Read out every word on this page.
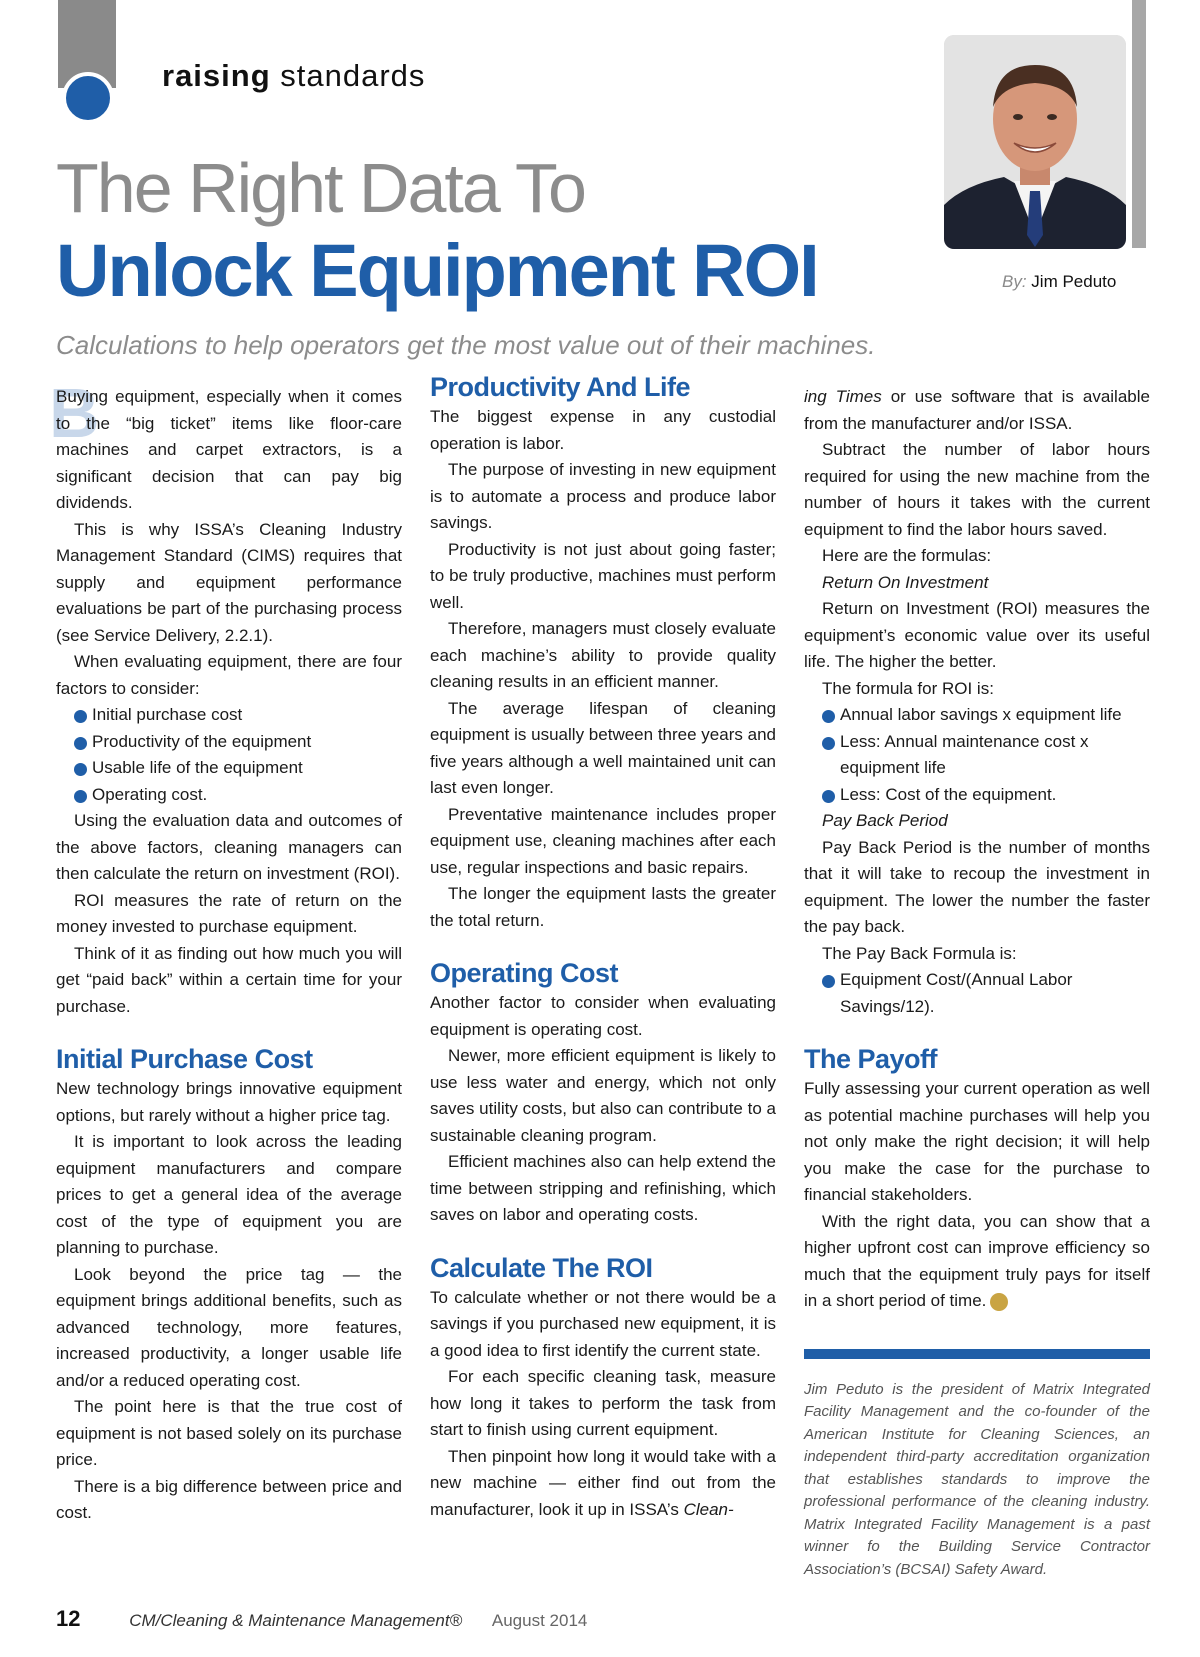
raising standards
The Right Data To
Unlock Equipment ROI	By: Jim Peduto
Calculations to help operators get the most value out of their machines.
B

Buying equipment, especially when it comes to the “big ticket” items like floor-care machines and carpet extractors, is a significant decision that can pay big dividends.

This is why ISSA’s Cleaning Industry Management Standard (CIMS) requires that supply and equipment performance evaluations be part of the purchasing process (see Service Delivery, 2.2.1).

When evaluating equipment, there are four factors to consider:

Initial purchase cost
Productivity of the equipment
Usable life of the equipment
Operating cost.

Using the evaluation data and outcomes of the above factors, cleaning managers can then calculate the return on investment (ROI).

ROI measures the rate of return on the money invested to purchase equipment.

Think of it as finding out how much you will get “paid back” within a certain time for your purchase.

Initial Purchase Cost

New technology brings innovative equipment options, but rarely without a higher price tag.

It is important to look across the leading equipment manufacturers and compare prices to get a general idea of the average cost of the type of equipment you are planning to purchase.

Look beyond the price tag — the equipment brings additional benefits, such as advanced technology, more features, increased productivity, a longer usable life and/or a reduced operating cost.

The point here is that the true cost of equipment is not based solely on its purchase price.

There is a big difference between price and cost.

Productivity And Life

The biggest expense in any custodial operation is labor.

The purpose of investing in new equipment is to automate a process and produce labor savings.

Productivity is not just about going faster; to be truly productive, machines must perform well.

Therefore, managers must closely evaluate each machine’s ability to provide quality cleaning results in an efficient manner.

The average lifespan of cleaning equipment is usually between three years and five years although a well maintained unit can last even longer.

Preventative maintenance includes proper equipment use, cleaning machines after each use, regular inspections and basic repairs.

The longer the equipment lasts the greater the total return.

Operating Cost

Another factor to consider when evaluating equipment is operating cost.

Newer, more efficient equipment is likely to use less water and energy, which not only saves utility costs, but also can contribute to a sustainable cleaning program.

Efficient machines also can help extend the time between stripping and refinishing, which saves on labor and operating costs.

Calculate The ROI

To calculate whether or not there would be a savings if you purchased new equipment, it is a good idea to first identify the current state.

For each specific cleaning task, measure how long it takes to perform the task from start to finish using current equipment.

Then pinpoint how long it would take with a new machine — either find out from the manufacturer, look it up in ISSA’s Clean-

ing Times or use software that is available from the manufacturer and/or ISSA.

Subtract the number of labor hours required for using the new machine from the number of hours it takes with the current equipment to find the labor hours saved.

Here are the formulas:

Return On Investment

Return on Investment (ROI) measures the equipment’s economic value over its useful life. The higher the better.

The formula for ROI is:

Annual labor savings x equipment life
Less: Annual maintenance cost x equipment life
Less: Cost of the equipment.

Pay Back Period

Pay Back Period is the number of months that it will take to recoup the investment in equipment. The lower the number the faster the pay back.

The Pay Back Formula is:

Equipment Cost/(Annual Labor Savings/12).
The Payoff

Fully assessing your current operation as well as potential machine purchases will help you not only make the right decision; it will help you make the case for the purchase to financial stakeholders.

With the right data, you can show that a higher upfront cost can improve efficiency so much that the equipment truly pays for itself in a short period of time.

Jim Peduto is the president of Matrix Integrated Facility Management and the co-founder of the American Institute for Cleaning Sciences, an independent third-party accreditation organization that establishes standards to improve the professional performance of the cleaning industry. Matrix Integrated Facility Management is a past winner fo the Building Service Contractor Association’s (BCSAI) Safety Award.

12	CM/Cleaning & Maintenance Management® August 2014
